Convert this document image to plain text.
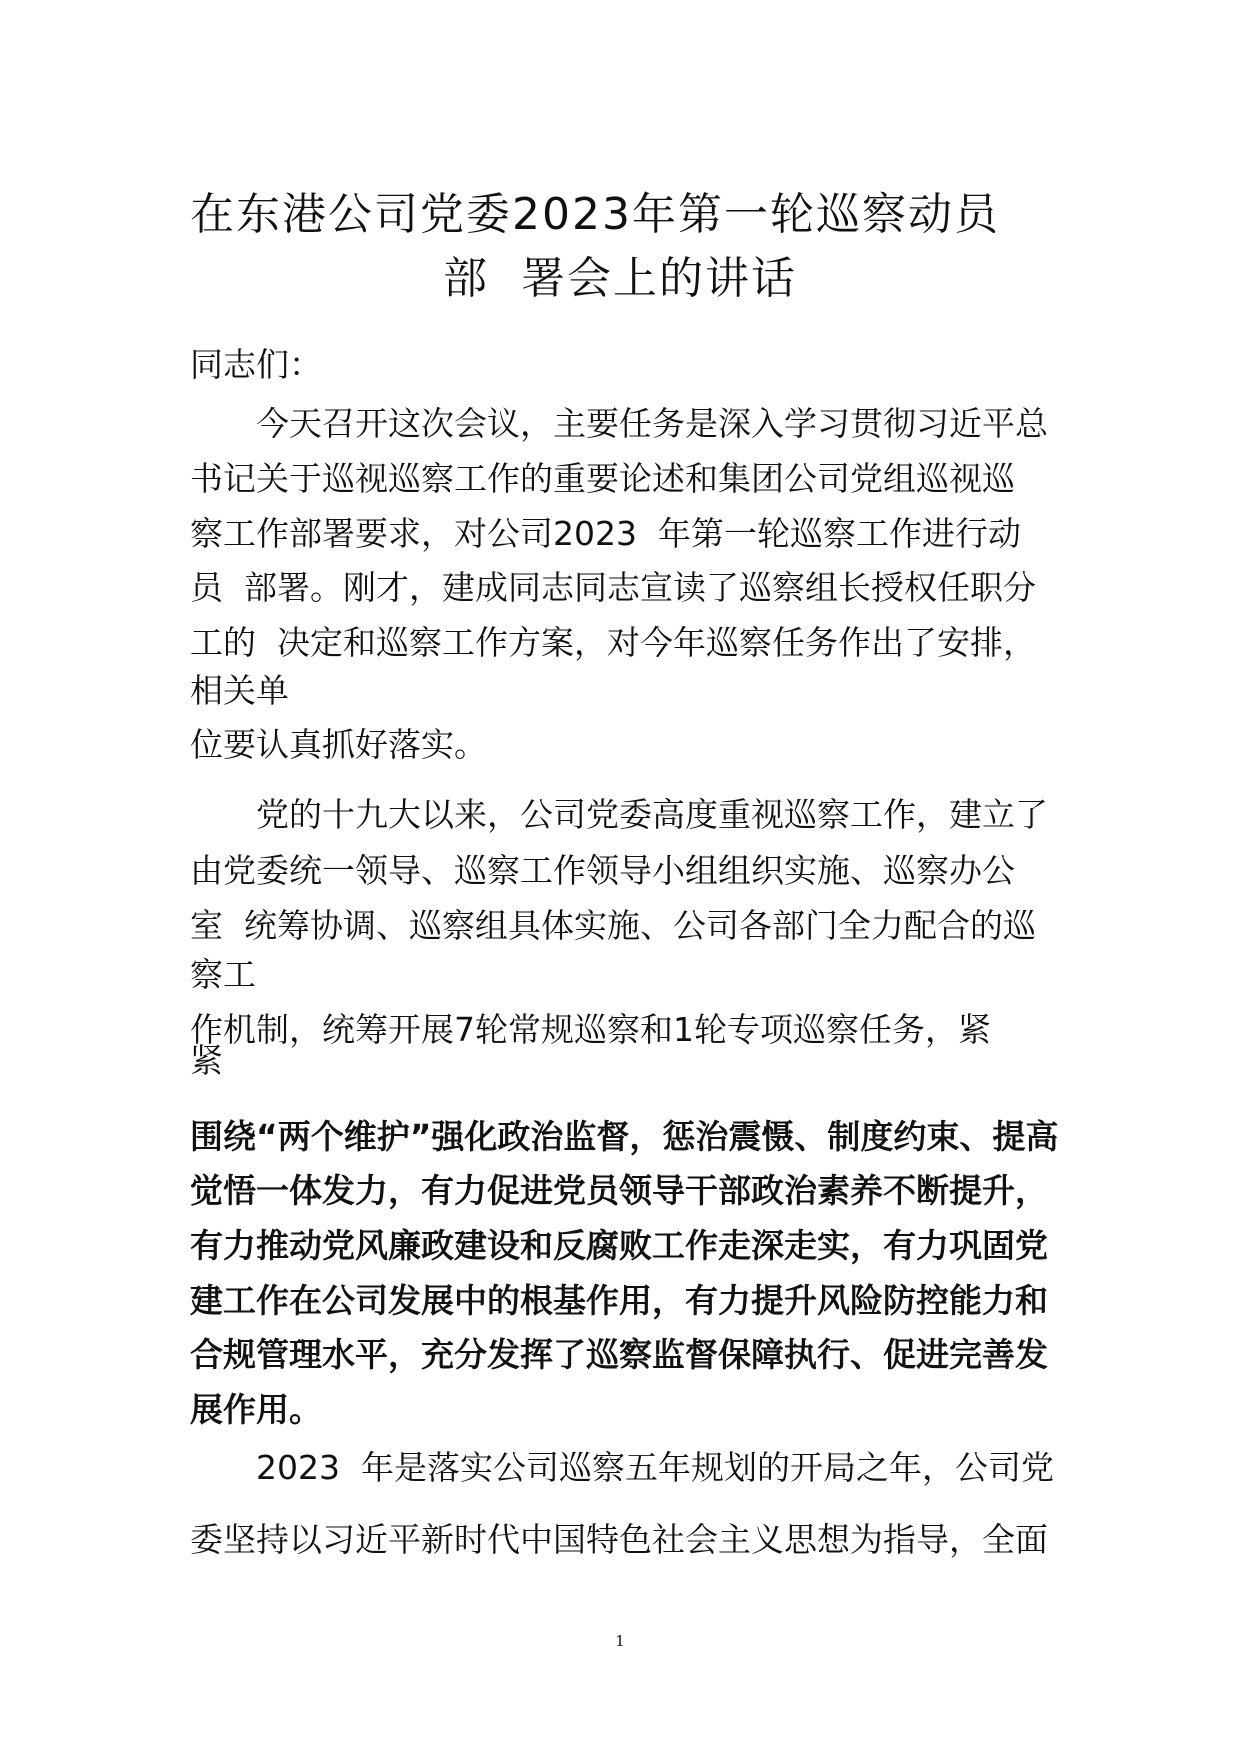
在东港公司党委2023年第一轮巡察动员
部  署会上的讲话
同志们：
今天召开这次会议，主要任务是深入学习贯彻习近平总
书记关于巡视巡察工作的重要论述和集团公司党组巡视巡
察工作部署要求，对公司2023  年第一轮巡察工作进行动
员  部署。刚才，建成同志同志宣读了巡察组长授权任职分
工的  决定和巡察工作方案，对今年巡察任务作出了安排，
相关单
位要认真抓好落实。
党的十九大以来，公司党委高度重视巡察工作，建立了
由党委统一领导、巡察工作领导小组组织实施、巡察办公
室  统筹协调、巡察组具体实施、公司各部门全力配合的巡
察工
作机制，统筹开展7轮常规巡察和1轮专项巡察任务，紧
紧
围绕“两个维护”强化政治监督，惩治震慑、制度约束、提高
觉悟一体发力，有力促进党员领导干部政治素养不断提升，
有力推动党风廉政建设和反腐败工作走深走实，有力巩固党
建工作在公司发展中的根基作用，有力提升风险防控能力和
合规管理水平，充分发挥了巡察监督保障执行、促进完善发
展作用。
2023  年是落实公司巡察五年规划的开局之年，公司党
委坚持以习近平新时代中国特色社会主义思想为指导，全面
1
